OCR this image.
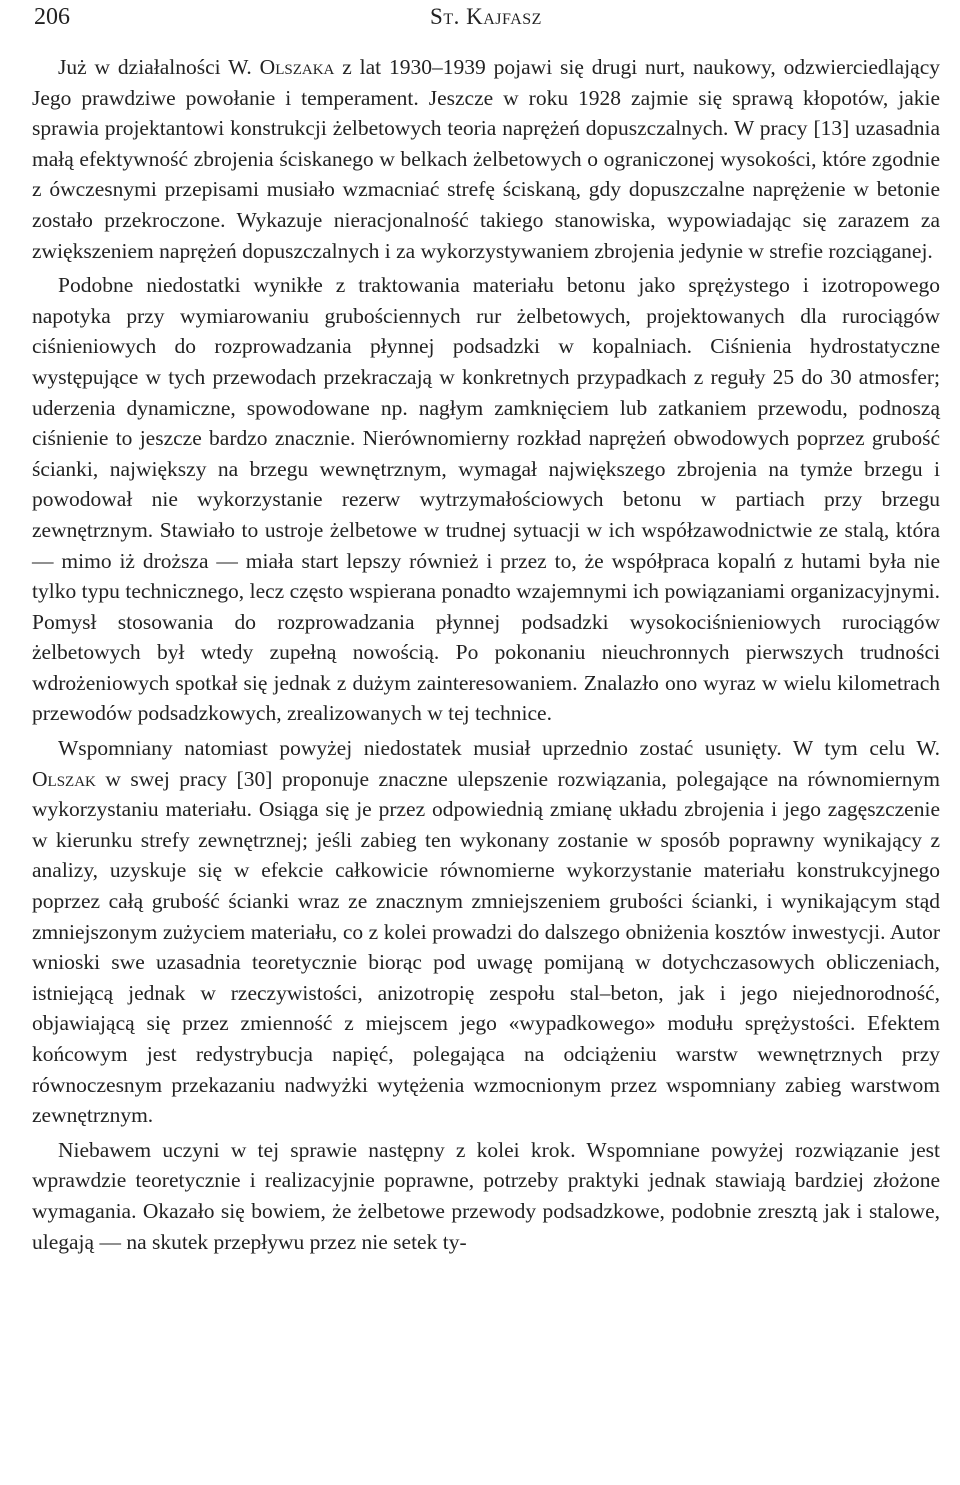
206	St. Kajfasz

Już w działalności W. Olszaka z lat 1930–1939 pojawi się drugi nurt, naukowy, odzwierciedlający Jego prawdziwe powołanie i temperament. Jeszcze w roku 1928 zajmie się sprawą kłopotów, jakie sprawia projektantowi konstrukcji żelbetowych teoria naprężeń dopuszczalnych. W pracy [13] uzasadnia małą efektywność zbrojenia ściskanego w belkach żelbetowych o ograniczonej wysokości, które zgodnie z ówczesnymi przepisami musiało wzmacniać strefę ściskaną, gdy dopuszczalne naprężenie w betonie zostało przekroczone. Wykazuje nieracjonalność takiego stanowiska, wypowiadając się zarazem za zwiększeniem naprężeń dopuszczalnych i za wykorzystywaniem zbrojenia jedynie w strefie rozciąganej.

Podobne niedostatki wynikłe z traktowania materiału betonu jako sprężystego i izotropowego napotyka przy wymiarowaniu grubościennych rur żelbetowych, projektowanych dla rurociągów ciśnieniowych do rozprowadzania płynnej podsadzki w kopalniach. Ciśnienia hydrostatyczne występujące w tych przewodach przekraczają w konkretnych przypadkach z reguły 25 do 30 atmosfer; uderzenia dynamiczne, spowodowane np. nagłym zamknięciem lub zatkaniem przewodu, podnoszą ciśnienie to jeszcze bardzo znacznie. Nierównomierny rozkład naprężeń obwodowych poprzez grubość ścianki, największy na brzegu wewnętrznym, wymagał największego zbrojenia na tymże brzegu i powodował nie wykorzystanie rezerw wytrzymałościowych betonu w partiach przy brzegu zewnętrznym. Stawiało to ustroje żelbetowe w trudnej sytuacji w ich współzawodnictwie ze stalą, która — mimo iż droższa — miała start lepszy również i przez to, że współpraca kopalń z hutami była nie tylko typu technicznego, lecz często wspierana ponadto wzajemnymi ich powiązaniami organizacyjnymi. Pomysł stosowania do rozprowadzania płynnej podsadzki wysokociśnieniowych rurociągów żelbetowych był wtedy zupełną nowością. Po pokonaniu nieuchronnych pierwszych trudności wdrożeniowych spotkał się jednak z dużym zainteresowaniem. Znalazło ono wyraz w wielu kilometrach przewodów podsadzkowych, zrealizowanych w tej technice.

Wspomniany natomiast powyżej niedostatek musiał uprzednio zostać usunięty. W tym celu W. Olszak w swej pracy [30] proponuje znaczne ulepszenie rozwiązania, polegające na równomiernym wykorzystaniu materiału. Osiąga się je przez odpowiednią zmianę układu zbrojenia i jego zagęszczenie w kierunku strefy zewnętrznej; jeśli zabieg ten wykonany zostanie w sposób poprawny wynikający z analizy, uzyskuje się w efekcie całkowicie równomierne wykorzystanie materiału konstrukcyjnego poprzez całą grubość ścianki wraz ze znacznym zmniejszeniem grubości ścianki, i wynikającym stąd zmniejszonym zużyciem materiału, co z kolei prowadzi do dalszego obniżenia kosztów inwestycji. Autor wnioski swe uzasadnia teoretycznie biorąc pod uwagę pomijaną w dotychczasowych obliczeniach, istniejącą jednak w rzeczywistości, anizotropię zespołu stal–beton, jak i jego niejednorodność, objawiającą się przez zmienność z miejscem jego «wypadkowego» modułu sprężystości. Efektem końcowym jest redystrybucja napięć, polegająca na odciążeniu warstw wewnętrznych przy równoczesnym przekazaniu nadwyżki wytężenia wzmocnionym przez wspomniany zabieg warstwom zewnętrznym.

Niebawem uczyni w tej sprawie następny z kolei krok. Wspomniane powyżej rozwiązanie jest wprawdzie teoretycznie i realizacyjnie poprawne, potrzeby praktyki jednak stawiają bardziej złożone wymagania. Okazało się bowiem, że żelbetowe przewody podsadzkowe, podobnie zresztą jak i stalowe, ulegają — na skutek przepływu przez nie setek ty-
